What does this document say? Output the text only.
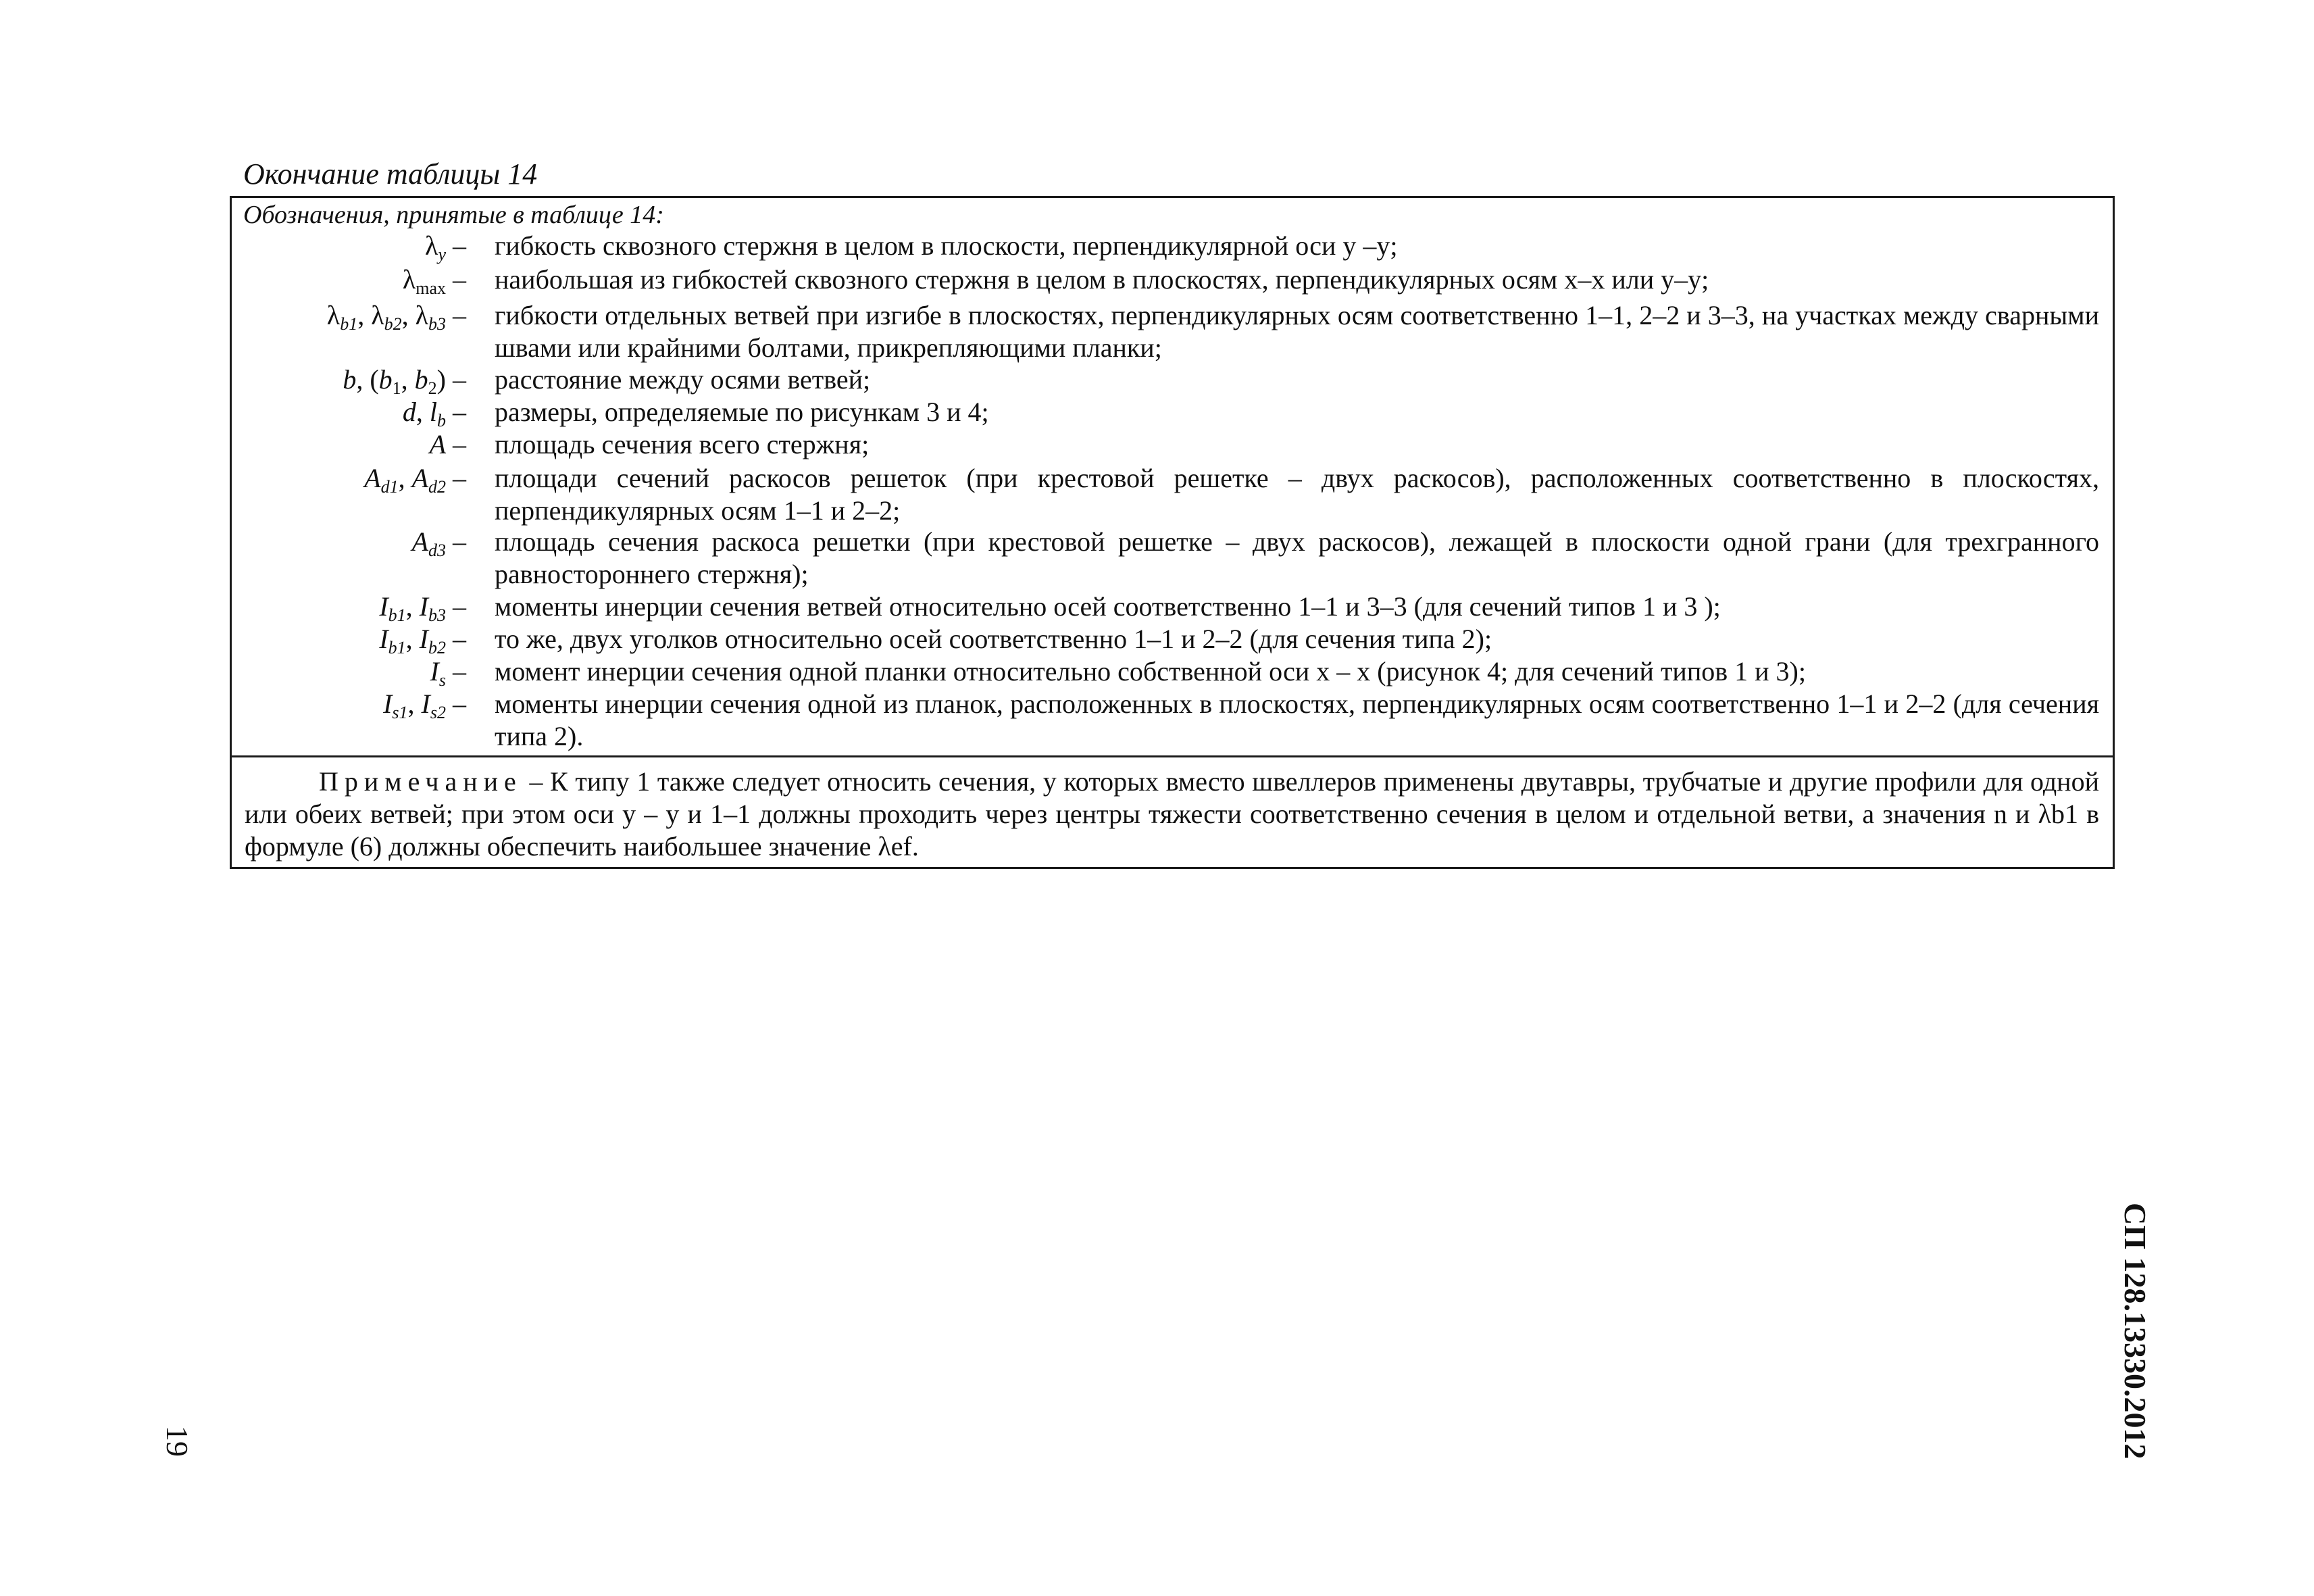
Окончание таблицы 14
Обозначения, принятые в таблице 14:
$\lambda_y$ – гибкость сквозного стержня в целом в плоскости, перпендикулярной оси y –y;
$\lambda_{max}$ – наибольшая из гибкостей сквозного стержня в целом в плоскостях, перпендикулярных осям x–x или y–y;
$\lambda_{b1}$, $\lambda_{b2}$, $\lambda_{b3}$ – гибкости отдельных ветвей при изгибе в плоскостях, перпендикулярных осям соответственно 1–1, 2–2 и 3–3, на участках между сварными швами или крайними болтами, прикрепляющими планки;
b, ($b_1$, $b_2$) – расстояние между осями ветвей;
d, $l_b$ – размеры, определяемые по рисункам 3 и 4;
A – площадь сечения всего стержня;
$A_{d1}$, $A_{d2}$ – площади сечений раскосов решеток (при крестовой решетке – двух раскосов), расположенных соответственно в плоскостях, перпендикулярных осям 1–1 и 2–2;
$A_{d3}$ – площадь сечения раскоса решетки (при крестовой решетке – двух раскосов), лежащей в плоскости одной грани (для трехгранного равностороннего стержня);
$I_{b1}$, $I_{b3}$ – моменты инерции сечения ветвей относительно осей соответственно 1–1 и 3–3 (для сечений типов 1 и 3 );
$I_{b1}$, $I_{b2}$ – то же, двух уголков относительно осей соответственно 1–1 и 2–2 (для сечения типа 2);
$I_s$ – момент инерции сечения одной планки относительно собственной оси x – x (рисунок 4; для сечений типов 1 и 3);
$I_{s1}$, $I_{s2}$ – моменты инерции сечения одной из планок, расположенных в плоскостях, перпендикулярных осям соответственно 1–1 и 2–2 (для сечения типа 2).
Примечание – К типу 1 также следует относить сечения, у которых вместо швеллеров применены двутавры, трубчатые и другие профили для одной или обеих ветвей; при этом оси y – y и 1–1 должны проходить через центры тяжести соответственно сечения в целом и отдельной ветви, а значения n и λb1 в формуле (6) должны обеспечить наибольшее значение λef.
СП 128.13330.2012
19
